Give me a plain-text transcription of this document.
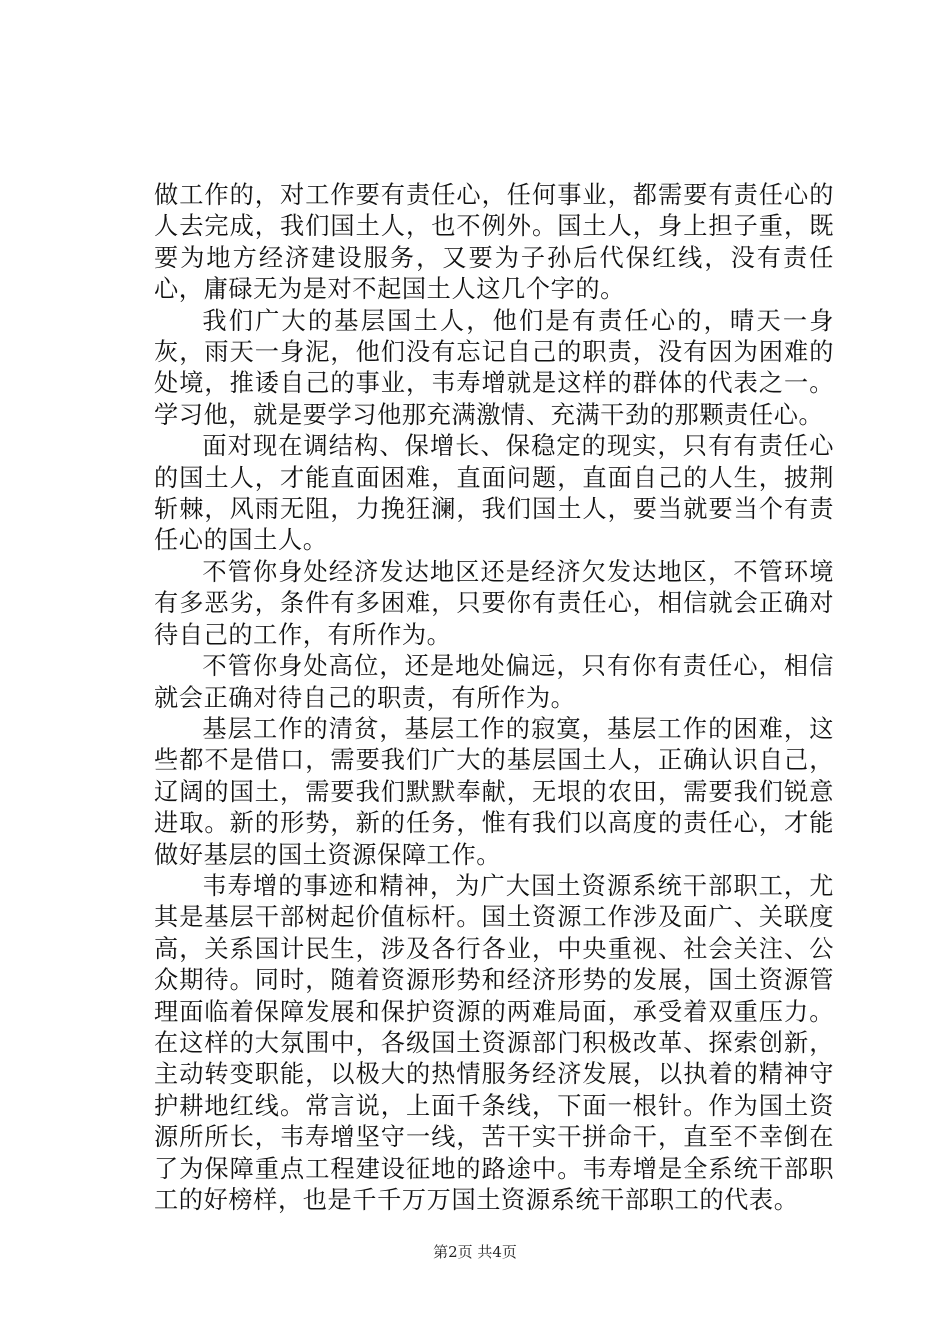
做工作的，对工作要有责任心，任何事业，都需要有责任心的人去完成，我们国土人，也不例外。国土人，身上担子重，既要为地方经济建设服务，又要为子孙后代保红线，没有责任心，庸碌无为是对不起国土人这几个字的。

我们广大的基层国土人，他们是有责任心的，晴天一身灰，雨天一身泥，他们没有忘记自己的职责，没有因为困难的处境，推诿自己的事业，韦寿增就是这样的群体的代表之一。学习他，就是要学习他那充满激情、充满干劲的那颗责任心。

面对现在调结构、保增长、保稳定的现实，只有有责任心的国土人，才能直面困难，直面问题，直面自己的人生，披荆斩棘，风雨无阻，力挽狂澜，我们国土人，要当就要当个有责任心的国土人。

不管你身处经济发达地区还是经济欠发达地区，不管环境有多恶劣，条件有多困难，只要你有责任心，相信就会正确对待自己的工作，有所作为。

不管你身处高位，还是地处偏远，只有你有责任心，相信就会正确对待自己的职责，有所作为。

基层工作的清贫，基层工作的寂寞，基层工作的困难，这些都不是借口，需要我们广大的基层国土人，正确认识自己，辽阔的国土，需要我们默默奉献，无垠的农田，需要我们锐意进取。新的形势，新的任务，惟有我们以高度的责任心，才能做好基层的国土资源保障工作。

韦寿增的事迹和精神，为广大国土资源系统干部职工，尤其是基层干部树起价值标杆。国土资源工作涉及面广、关联度高，关系国计民生，涉及各行各业，中央重视、社会关注、公众期待。同时，随着资源形势和经济形势的发展，国土资源管理面临着保障发展和保护资源的两难局面，承受着双重压力。在这样的大氛围中，各级国土资源部门积极改革、探索创新，主动转变职能，以极大的热情服务经济发展，以执着的精神守护耕地红线。常言说，上面千条线，下面一根针。作为国土资源所所长，韦寿增坚守一线，苦干实干拼命干，直至不幸倒在了为保障重点工程建设征地的路途中。韦寿增是全系统干部职工的好榜样，也是千千万万国土资源系统干部职工的代表。

第2页 共4页
